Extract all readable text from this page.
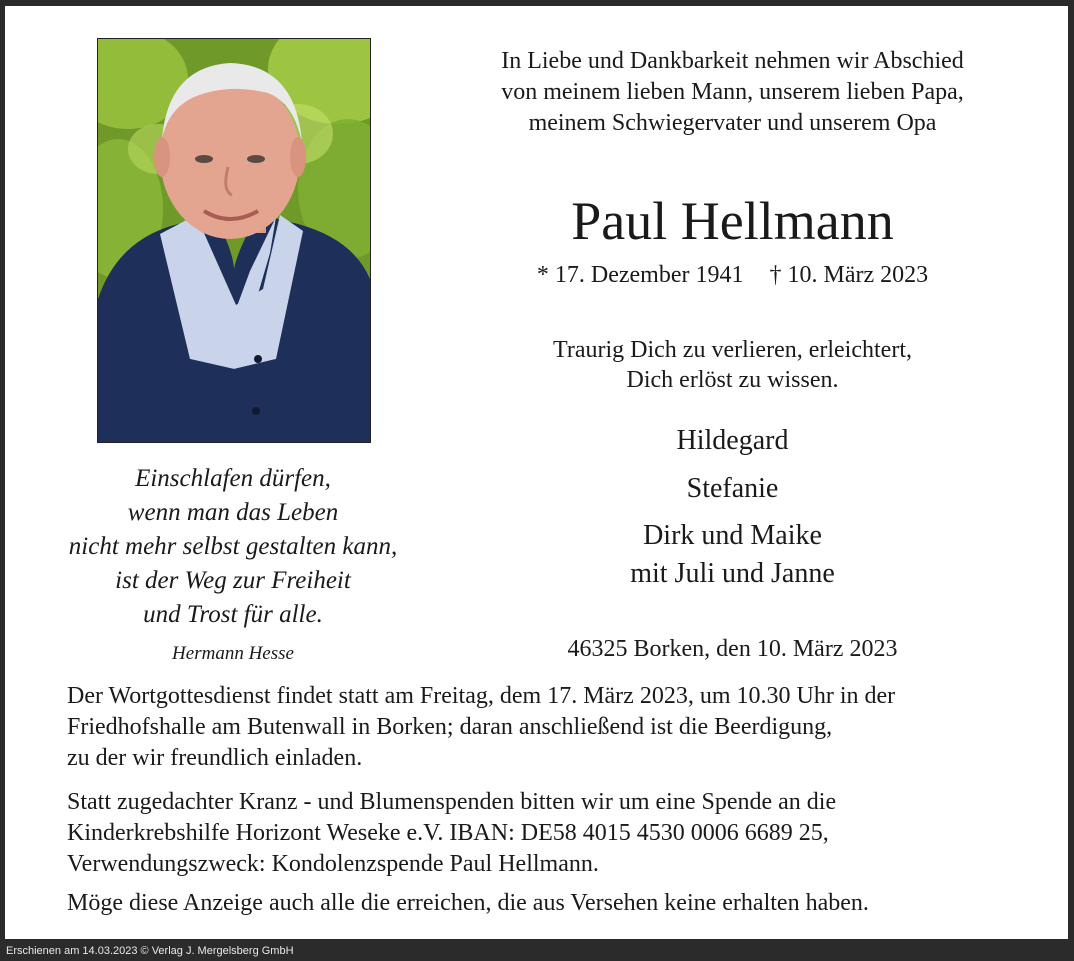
In Liebe und Dankbarkeit nehmen wir Abschied
von meinem lieben Mann, unserem lieben Papa,
meinem Schwiegervater und unserem Opa
Paul Hellmann
* 17. Dezember 1941 † 10. März 2023
Traurig Dich zu verlieren, erleichtert,
Dich erlöst zu wissen.
Hildegard
Stefanie
Dirk und Maike
mit Juli und Janne
46325 Borken, den 10. März 2023
Einschlafen dürfen,
wenn man das Leben
nicht mehr selbst gestalten kann,
ist der Weg zur Freiheit
und Trost für alle.
Hermann Hesse
Der Wortgottesdienst findet statt am Freitag, dem 17. März 2023, um 10.30 Uhr in der
Friedhofshalle am Butenwall in Borken; daran anschließend ist die Beerdigung,
zu der wir freundlich einladen.
Statt zugedachter Kranz - und Blumenspenden bitten wir um eine Spende an die
Kinderkrebshilfe Horizont Weseke e.V. IBAN: DE58 4015 4530 0006 6689 25,
Verwendungszweck: Kondolenzspende Paul Hellmann.
Möge diese Anzeige auch alle die erreichen, die aus Versehen keine erhalten haben.
Erschienen am 14.03.2023 © Verlag J. Mergelsberg GmbH
